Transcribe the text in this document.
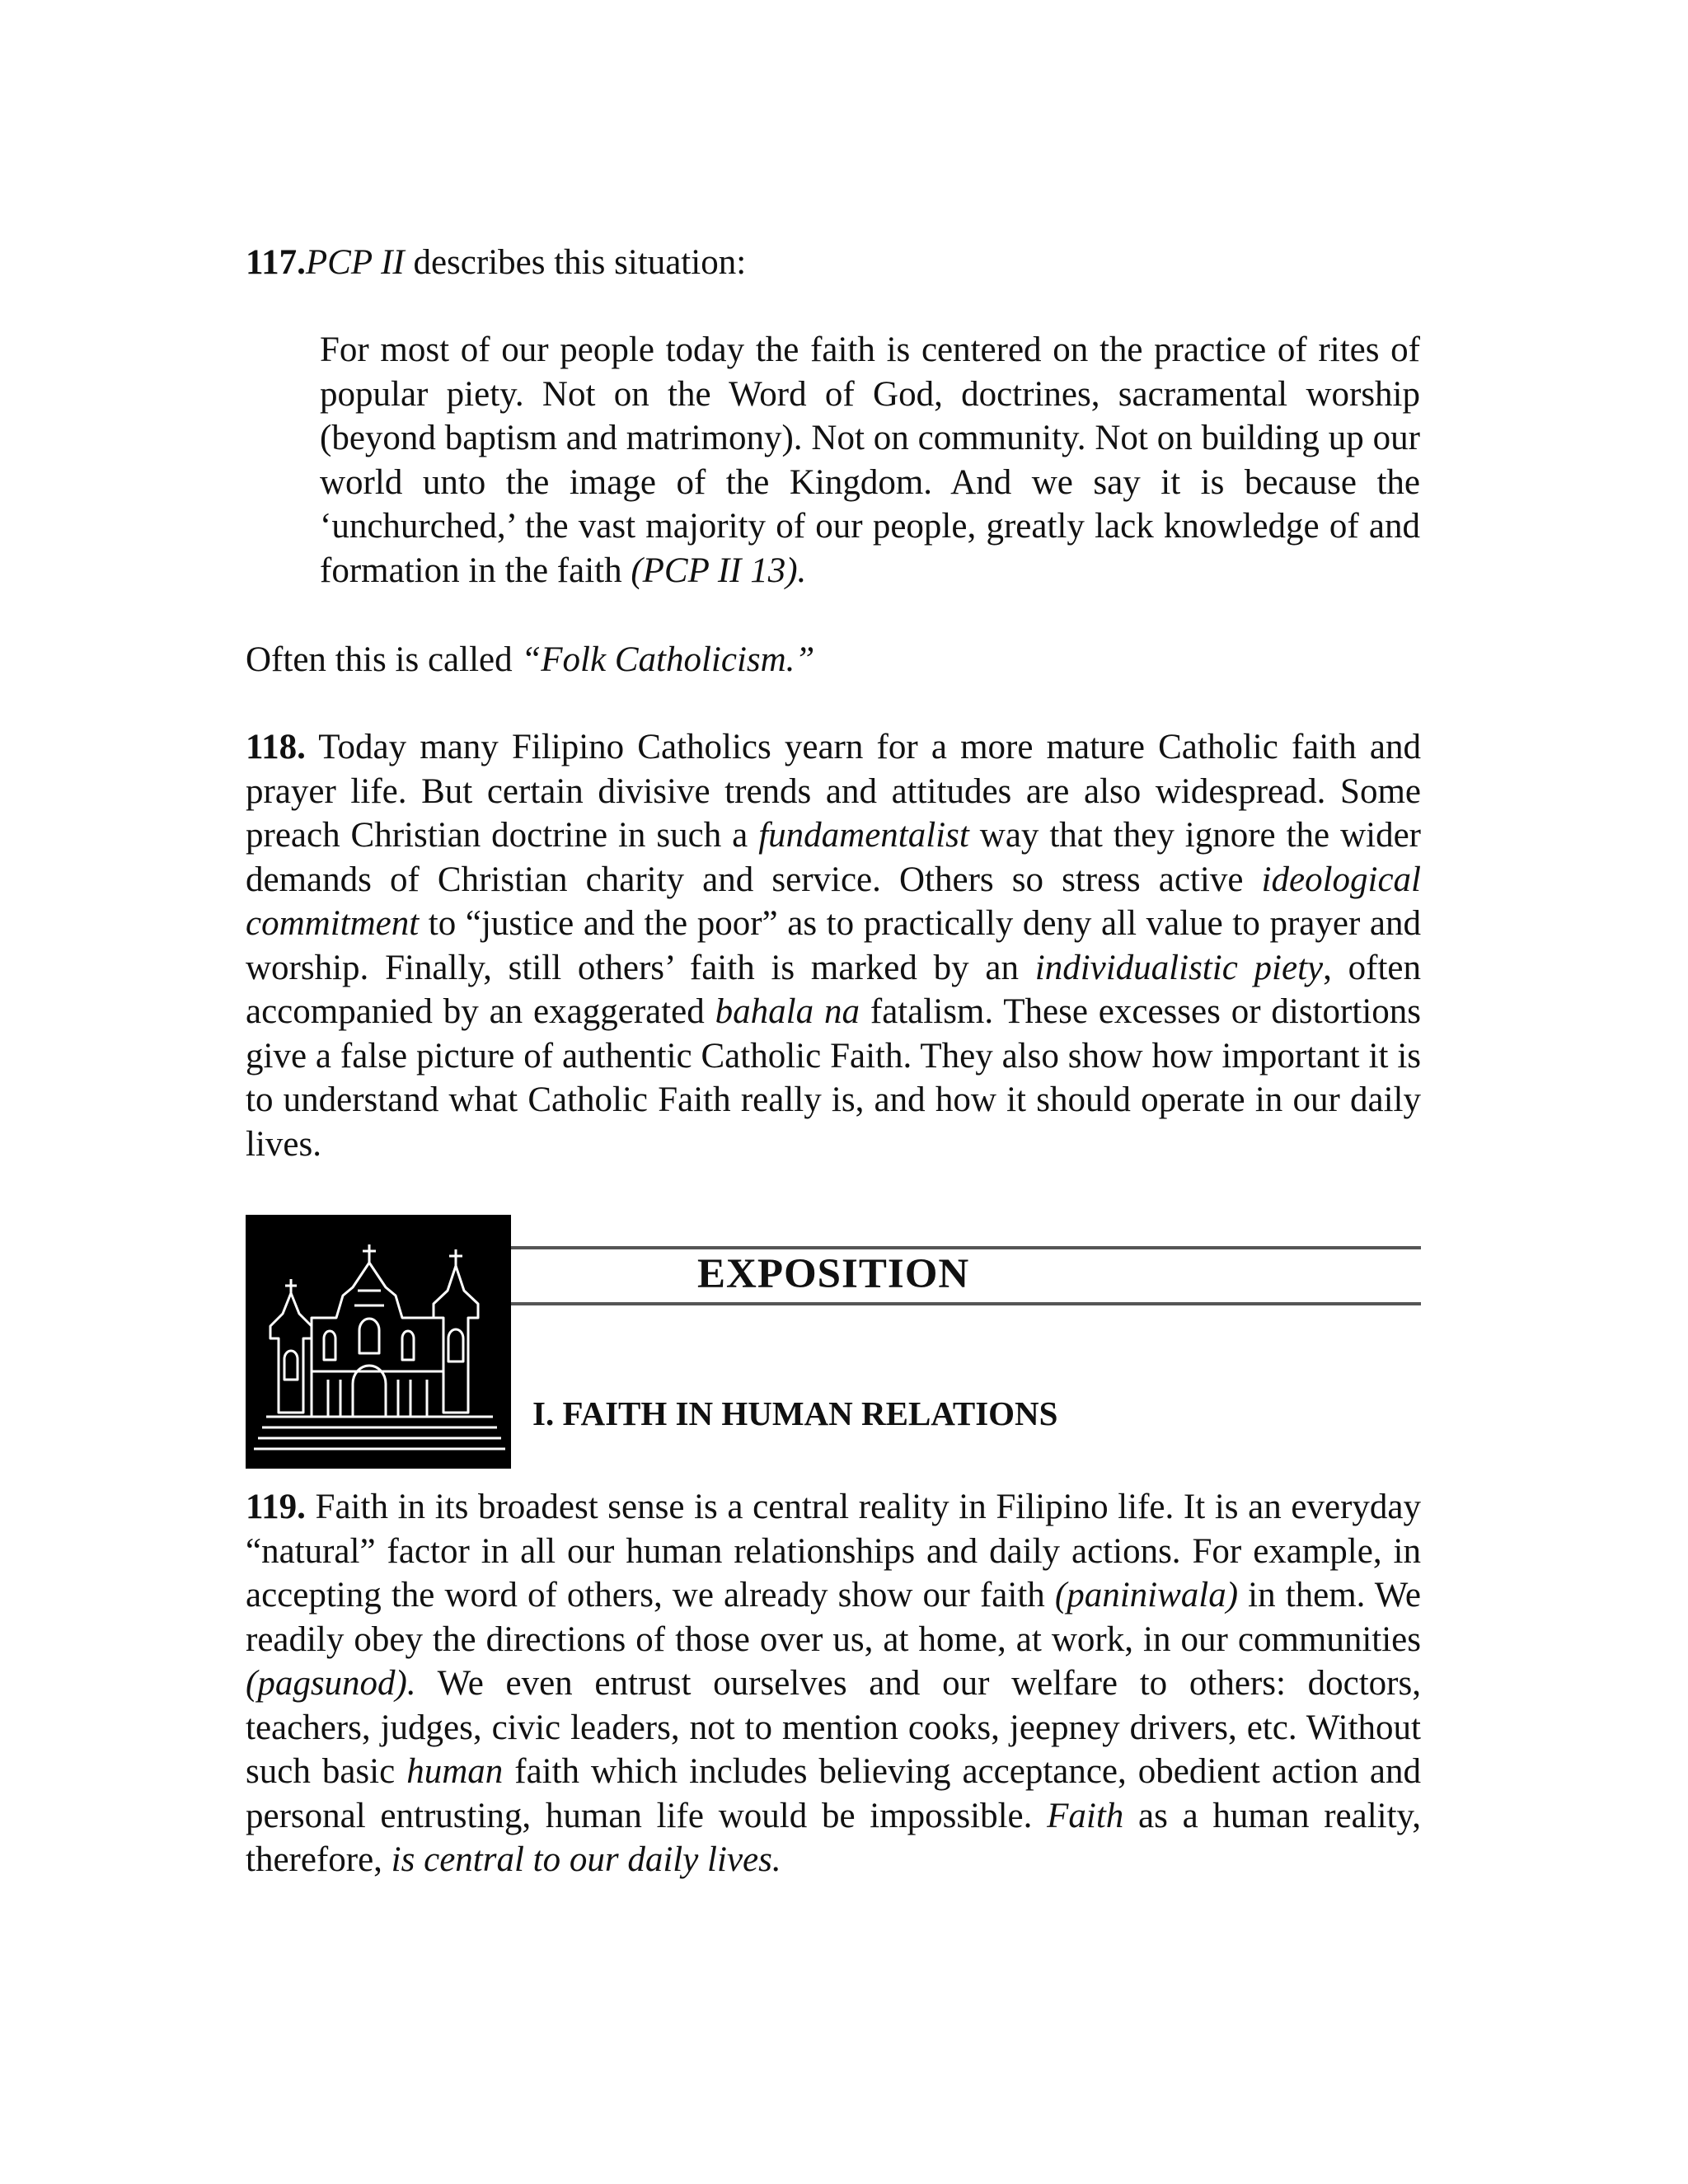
117.PCP II describes this situation:

For most of our people today the faith is centered on the practice of rites of popular piety. Not on the Word of God, doctrines, sacramental worship (beyond baptism and matrimony). Not on community. Not on building up our world unto the image of the Kingdom. And we say it is because the ‘unchurched,’ the vast majority of our people, greatly lack knowledge of and formation in the faith (PCP II 13).

Often this is called “Folk Catholicism.”

118. Today many Filipino Catholics yearn for a more mature Catholic faith and prayer life. But certain divisive trends and attitudes are also widespread. Some preach Christian doctrine in such a fundamentalist way that they ignore the wider demands of Christian charity and service. Others so stress active ideological commitment to “justice and the poor” as to practically deny all value to prayer and worship. Finally, still others’ faith is marked by an individualistic piety, often accompanied by an exaggerated bahala na fatalism. These excesses or distortions give a false picture of authentic Catholic Faith. They also show how important it is to understand what Catholic Faith really is, and how it should operate in our daily lives.

EXPOSITION
I. FAITH IN HUMAN RELATIONS

119. Faith in its broadest sense is a central reality in Filipino life. It is an everyday “natural” factor in all our human relationships and daily actions. For example, in accepting the word of others, we already show our faith (paniniwala) in them. We readily obey the directions of those over us, at home, at work, in our communities (pagsunod). We even entrust ourselves and our welfare to others: doctors, teachers, judges, civic leaders, not to mention cooks, jeepney drivers, etc. Without such basic human faith which includes believing acceptance, obedient action and personal entrusting, human life would be impossible. Faith as a human reality, therefore, is central to our daily lives.
